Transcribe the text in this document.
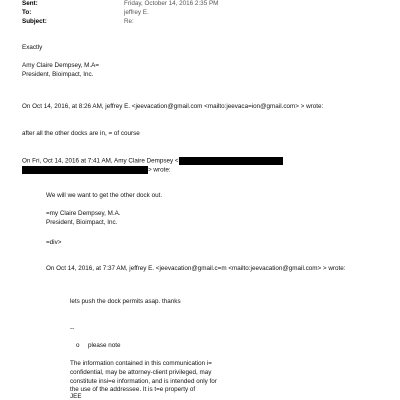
Sent:	Friday, October 14, 2016 2:35 PM
To:	jeffrey E.
Subject:	Re:
Exactly
Amy Claire Dempsey, M.A=
President, Bioimpact, Inc.
On Oct 14, 2016, at 8:26 AM, jeffrey E. <jeevacation@gmail.com <mailto:jeevaca=ion@gmail.com> > wrote:
after all the other docks are in, = of course
On Fri, Oct 14, 2016 at 7:41 AM, Amy Claire Dempsey <
> wrote:
We will we want to get the other dock out.
=my Claire Dempsey, M.A.
President, Bioimpact, Inc.
=div>
On Oct 14, 2016, at 7:37 AM, jeffrey E. <jeevacation@gmail.c=m <mailto:jeevacation@gmail.com> > wrote:
lets push the dock permits asap. thanks
--
o please note
The information contained in this communication i=
confidential, may be attorney-client privileged, may
constitute insi=e information, and is intended only for
the use of the addressee. It is t=e property of
JEE
